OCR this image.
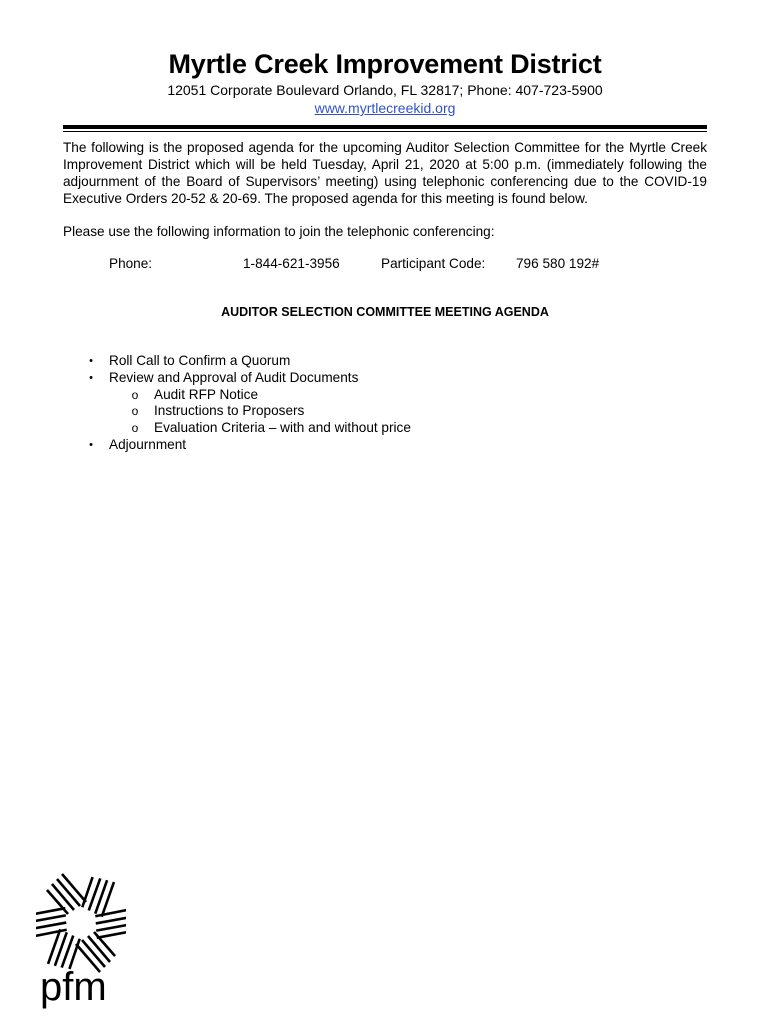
Myrtle Creek Improvement District
12051 Corporate Boulevard Orlando, FL 32817; Phone: 407-723-5900
www.myrtlecreekid.org
The following is the proposed agenda for the upcoming Auditor Selection Committee for the Myrtle Creek Improvement District which will be held Tuesday, April 21, 2020 at 5:00 p.m. (immediately following the adjournment of the Board of Supervisors’ meeting) using telephonic conferencing due to the COVID-19 Executive Orders 20-52 & 20-69. The proposed agenda for this meeting is found below.
Please use the following information to join the telephonic conferencing:
Phone:	1-844-621-3956	Participant Code: 796 580 192#
AUDITOR SELECTION COMMITTEE MEETING AGENDA
• Roll Call to Confirm a Quorum
• Review and Approval of Audit Documents
o Audit RFP Notice
o Instructions to Proposers
o Evaluation Criteria – with and without price
• Adjournment
pfm
